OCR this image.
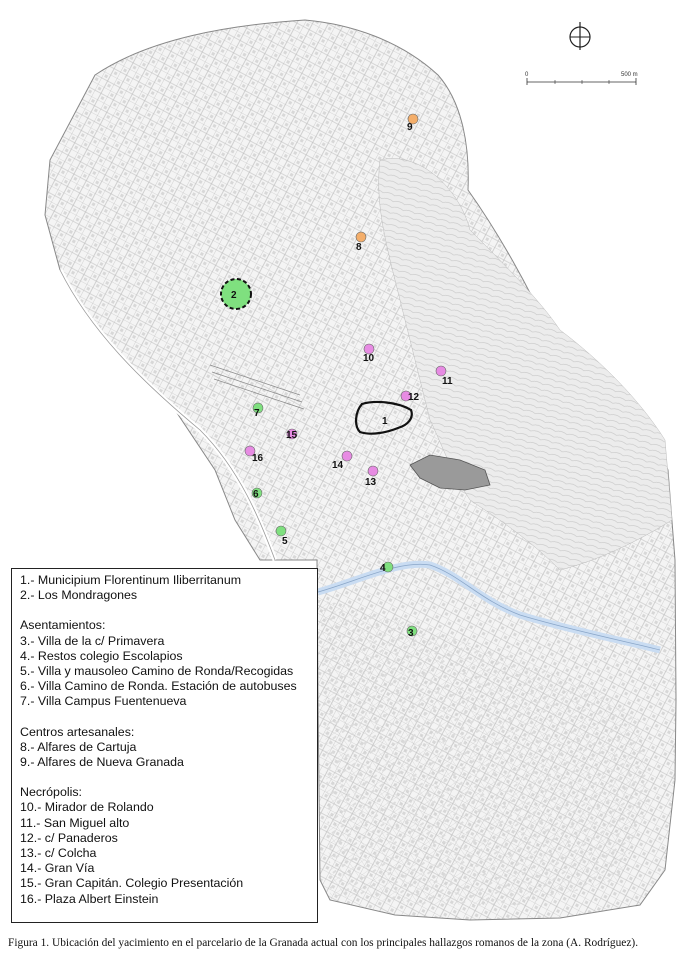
0	500 m
1
2
3
4
5
6
7
8
9
10
11
12
13
14
15
16
1.- Municipium Florentinum Iliberritanum
2.- Los Mondragones
Asentamientos:
3.- Villa de la c/ Primavera
4.- Restos colegio Escolapios
5.- Villa y mausoleo Camino de Ronda/Recogidas
6.- Villa Camino de Ronda. Estación de autobuses
7.- Villa Campus Fuentenueva
Centros artesanales:
8.- Alfares de Cartuja
9.- Alfares de Nueva Granada
Necrópolis:
10.- Mirador de Rolando
11.- San Miguel alto
12.- c/ Panaderos
13.- c/ Colcha
14.- Gran Vía
15.- Gran Capitán. Colegio Presentación
16.- Plaza Albert Einstein
Figura 1. Ubicación del yacimiento en el parcelario de la Granada actual con los principales hallazgos romanos de la zona (A. Rodríguez).
